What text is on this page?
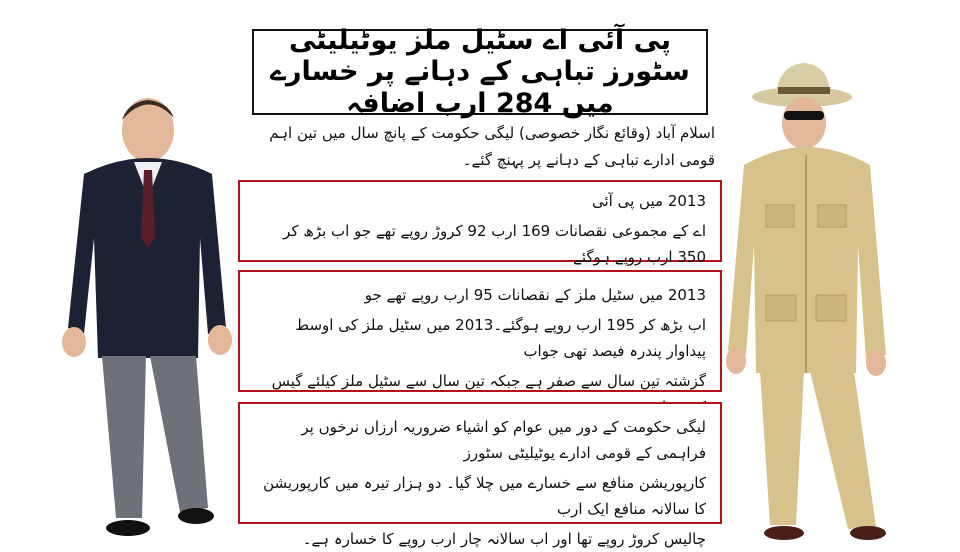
پی آئی اے سٹیل ملز یوٹیلیٹی سٹورز تباہی کے دہانے پر خسارے میں 284 ارب اضافہ
اسلام آباد (وقائع نگار خصوصی) لیگی حکومت کے پانچ سال میں تین اہم قومی ادارے تباہی کے دہانے پر پہنچ گئے۔

2013 میں پی آئی

اے کے مجموعی نقصانات 169 ارب 92 کروڑ روپے تھے جو اب بڑھ کر 350 ارب روپے ہوگئے

2013 میں سٹیل ملز کے نقصانات 95 ارب روپے تھے جو

اب بڑھ کر 195 ارب روپے ہوگئے۔2013 میں سٹیل ملز کی اوسط پیداوار پندرہ فیصد تھی جواب

گزشتہ تین سال سے صفر ہے جبکہ تین سال سے سٹیل ملز کیلئے گیس

لیگی حکومت کے دور میں عوام کو اشیاء ضروریہ ارزاں نرخوں پر فراہمی کے قومی ادارے یوٹیلیٹی سٹورز

کارپوریشن منافع سے خسارے میں چلا گیا۔ دو ہزار تیرہ میں کارپوریشن کا سالانہ منافع ایک ارب

چالیس کروڑ روپے تھا اور اب سالانہ چار ارب روپے کا خسارہ ہے۔
